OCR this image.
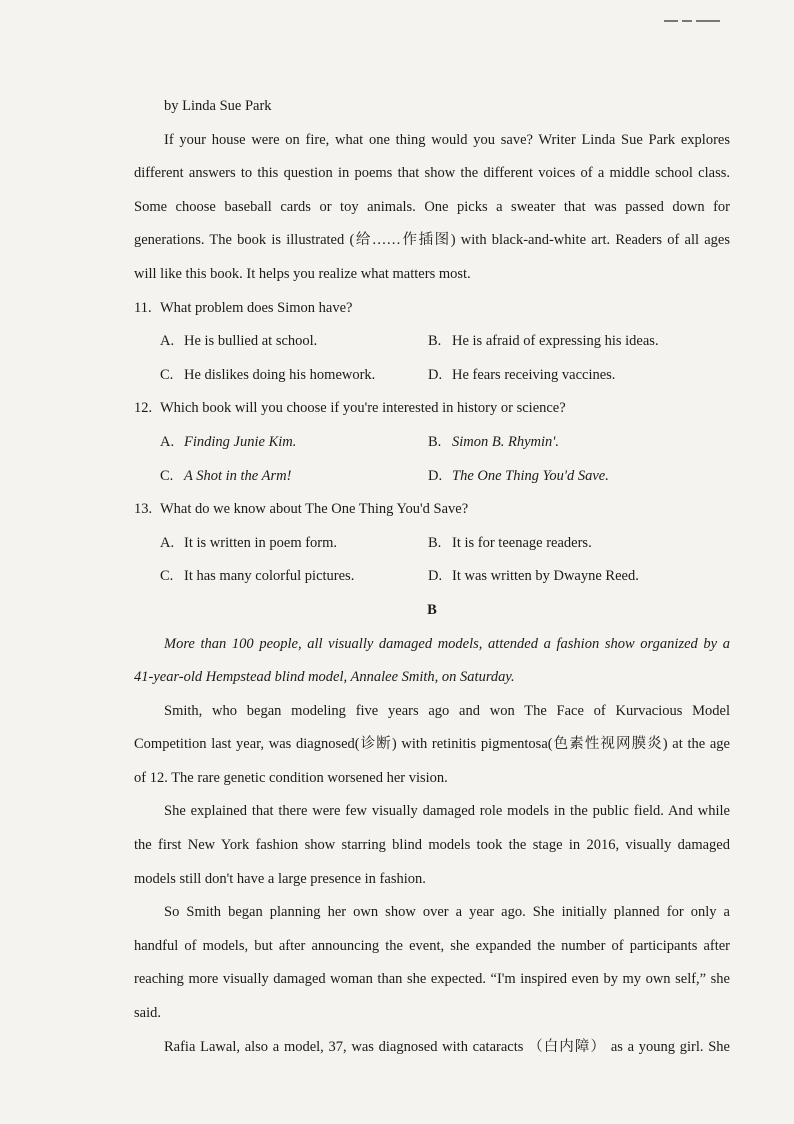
by Linda Sue Park
If your house were on fire, what one thing would you save? Writer Linda Sue Park explores
different answers to this question in poems that show the different voices of a middle school class.
Some choose baseball cards or toy animals. One picks a sweater that was passed down for
generations. The book is illustrated (给……作插图) with black-and-white art. Readers of all ages
will like this book. It helps you realize what matters most.
11. What problem does Simon have?
A. He is bullied at school.	B. He is afraid of expressing his ideas.
C. He dislikes doing his homework.	D. He fears receiving vaccines.
12. Which book will you choose if you're interested in history or science?
A. Finding Junie Kim.	B. Simon B. Rhymin'.
C. A Shot in the Arm!	D. The One Thing You'd Save.
13. What do we know about The One Thing You'd Save?
A. It is written in poem form.	B. It is for teenage readers.
C. It has many colorful pictures.	D. It was written by Dwayne Reed.
B
More than 100 people, all visually damaged models, attended a fashion show organized by a
41-year-old Hempstead blind model, Annalee Smith, on Saturday.
Smith, who began modeling five years ago and won The Face of Kurvacious Model
Competition last year, was diagnosed(诊断) with retinitis pigmentosa(色素性视网膜炎) at the age
of 12. The rare genetic condition worsened her vision.
She explained that there were few visually damaged role models in the public field. And while
the first New York fashion show starring blind models took the stage in 2016, visually damaged
models still don't have a large presence in fashion.
So Smith began planning her own show over a year ago. She initially planned for only a
handful of models, but after announcing the event, she expanded the number of participants after
reaching more visually damaged woman than she expected. “I'm inspired even by my own self,” she
said.
Rafia Lawal, also a model, 37, was diagnosed with cataracts （白内障） as a young girl. She
